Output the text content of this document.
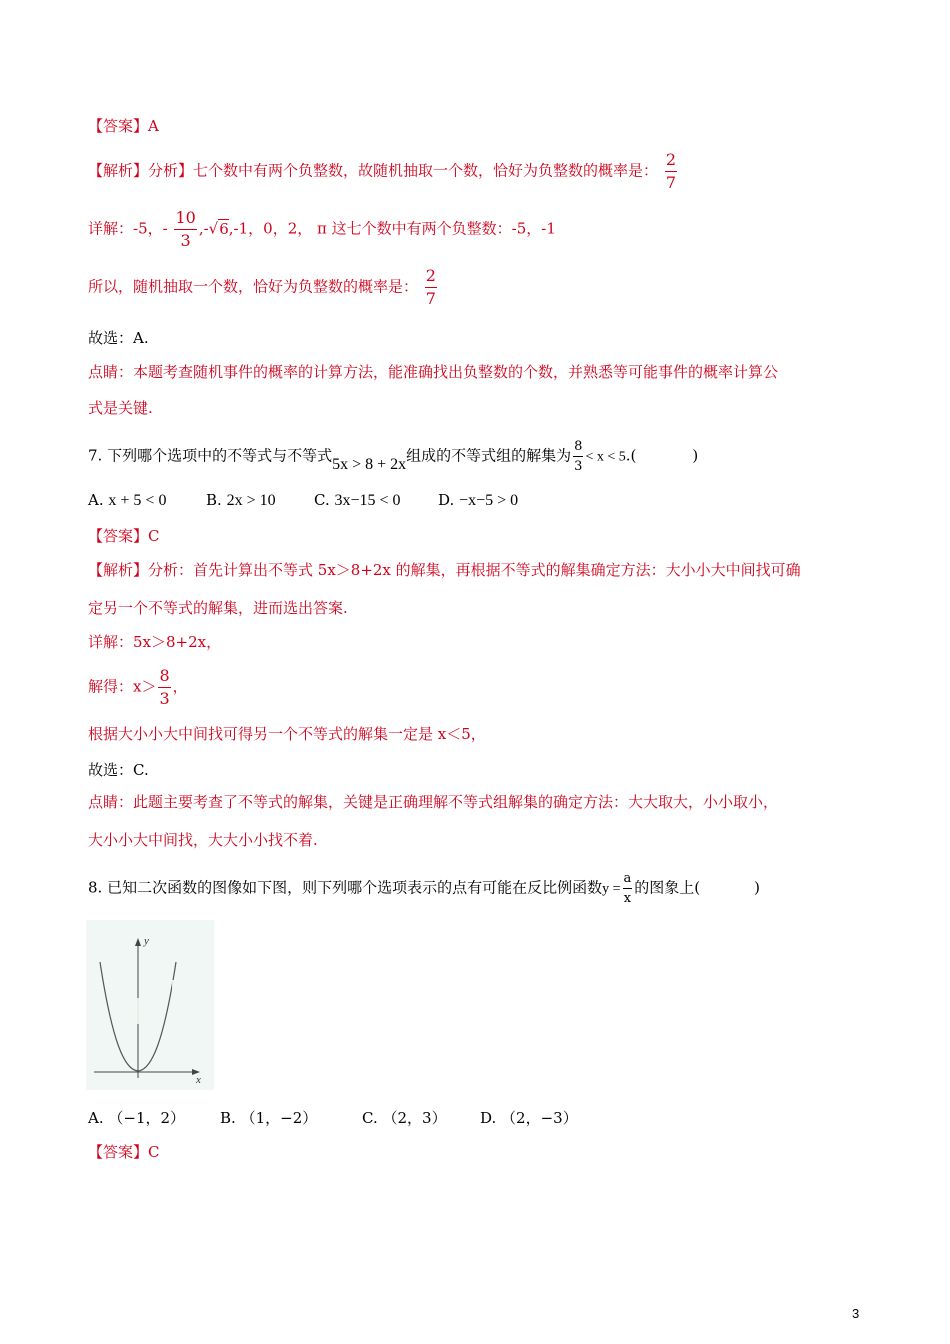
【答案】A
【解析】分析】七个数中有两个负整数，故随机抽取一个数，恰好为负整数的概率是： $\frac{2}{7}$
详解：-5，- $\frac{10}{3} ,-√6,-1$，0，2， π 这七个数中有两个负整数：-5，-1
所以，随机抽取一个数，恰好为负整数的概率是： $\frac{2}{7}$
故选：A.
点睛：本题考查随机事件的概率的计算方法，能准确找出负整数的个数，并熟悉等可能事件的概率计算公
式是关键.
7. 下列哪个选项中的不等式与不等式5x > 8 + 2x组成的不等式组的解集为 $\frac{8}{3} < x < 5$.(	)
A. x + 5 < 0	B. 2x > 10	C. 3x−15 < 0 D. −x−5 > 0
【答案】C
【解析】分析：首先计算出不等式 5x＞8+2x 的解集，再根据不等式的解集确定方法：大小小大中间找可确
定另一个不等式的解集，进而选出答案.
详解：5x＞8+2x，
解得：$x> \frac{8}{3}$ ，
根据大小小大中间找可得另一个不等式的解集一定是 x＜5，
故选：C.
点睛：此题主要考查了不等式的解集，关键是正确理解不等式组解集的确定方法：大大取大，小小取小，
大小小大中间找，大大小小找不着.
8. 已知二次函数的图像如下图，则下列哪个选项表示的点有可能在反比例函数$y = \frac{a}{x}$ 的图象上(	)
y
x
A. （−1，2） B. （1，−2）	C. （2，3） D. （2，−3）
【答案】C
3
